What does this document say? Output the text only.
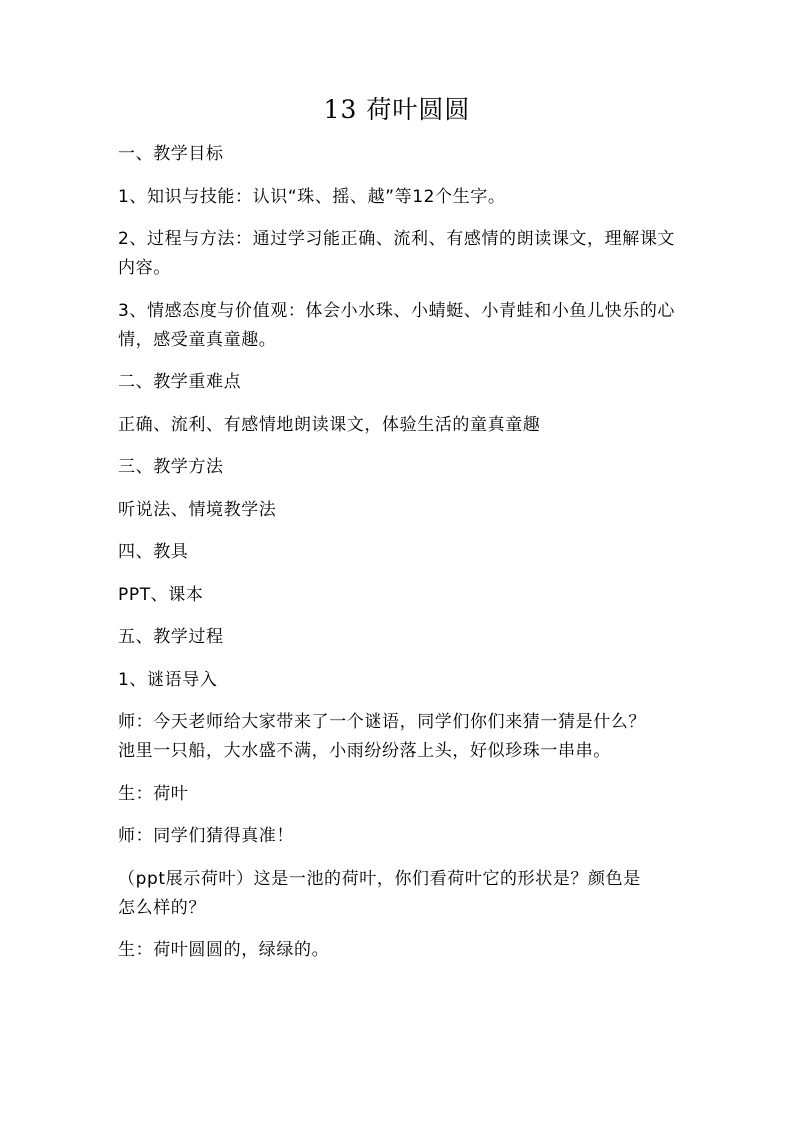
13 荷叶圆圆

一、教学目标

1、知识与技能：认识“珠、摇、越”等12个生字。

2、过程与方法：通过学习能正确、流利、有感情的朗读课文，理解课文内容。

3、情感态度与价值观：体会小水珠、小蜻蜓、小青蛙和小鱼儿快乐的心情，感受童真童趣。

二、教学重难点

正确、流利、有感情地朗读课文，体验生活的童真童趣

三、教学方法

听说法、情境教学法

四、教具

PPT、课本

五、教学过程

1、谜语导入

师：今天老师给大家带来了一个谜语，同学们你们来猜一猜是什么？池里一只船，大水盛不满，小雨纷纷落上头，好似珍珠一串串。

生：荷叶

师：同学们猜得真准！

（ppt展示荷叶）这是一池的荷叶，你们看荷叶它的形状是？颜色是怎么样的？

生：荷叶圆圆的，绿绿的。
